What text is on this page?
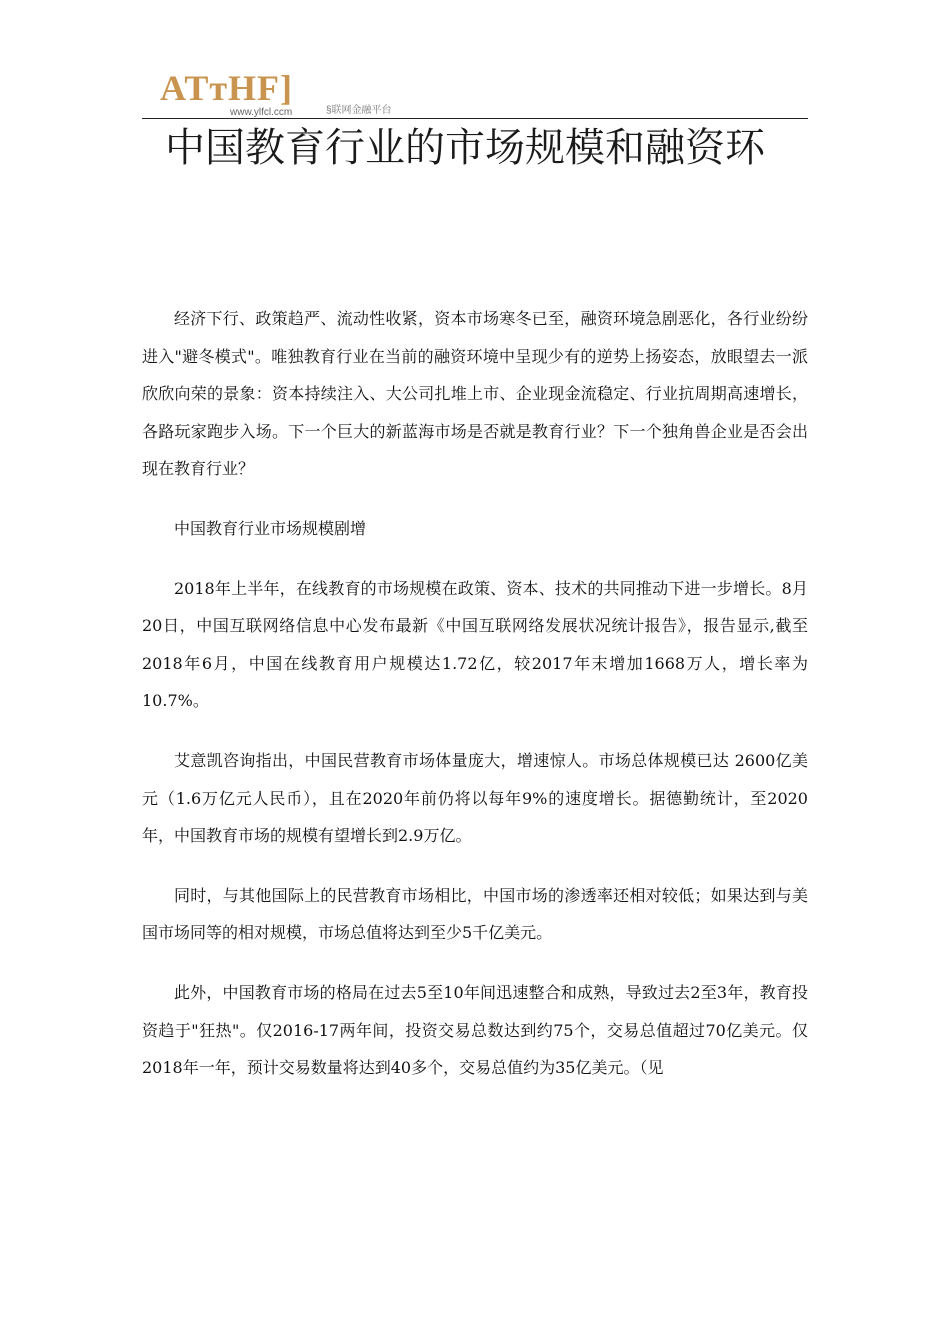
ATтHF]
www.ylfcl.ccm	§联网金融平台
中国教育行业的市场规模和融资环

经济下行、政策趋严、流动性收紧，资本市场寒冬已至，融资环境急剧恶化，各行业纷纷进入"避冬模式"。唯独教育行业在当前的融资环境中呈现少有的逆势上扬姿态，放眼望去一派欣欣向荣的景象：资本持续注入、大公司扎堆上市、企业现金流稳定、行业抗周期高速增长，各路玩家跑步入场。下一个巨大的新蓝海市场是否就是教育行业？下一个独角兽企业是否会出现在教育行业？

中国教育行业市场规模剧增

2018年上半年，在线教育的市场规模在政策、资本、技术的共同推动下进一步增长。8月20日，中国互联网络信息中心发布最新《中国互联网络发展状况统计报告》，报告显示,截至2018年6月，中国在线教育用户规模达1.72亿，较2017年末增加1668万人，增长率为10.7%。

艾意凯咨询指出，中国民营教育市场体量庞大，增速惊人。市场总体规模已达 2600亿美元（1.6万亿元人民币），且在2020年前仍将以每年9%的速度增长。据德勤统计，至2020年，中国教育市场的规模有望增长到2.9万亿。

同时，与其他国际上的民营教育市场相比，中国市场的渗透率还相对较低；如果达到与美国市场同等的相对规模，市场总值将达到至少5千亿美元。

此外，中国教育市场的格局在过去5至10年间迅速整合和成熟，导致过去2至3年，教育投资趋于"狂热"。仅2016-17两年间，投资交易总数达到约75个，交易总值超过70亿美元。仅2018年一年，预计交易数量将达到40多个，交易总值约为35亿美元。（见
